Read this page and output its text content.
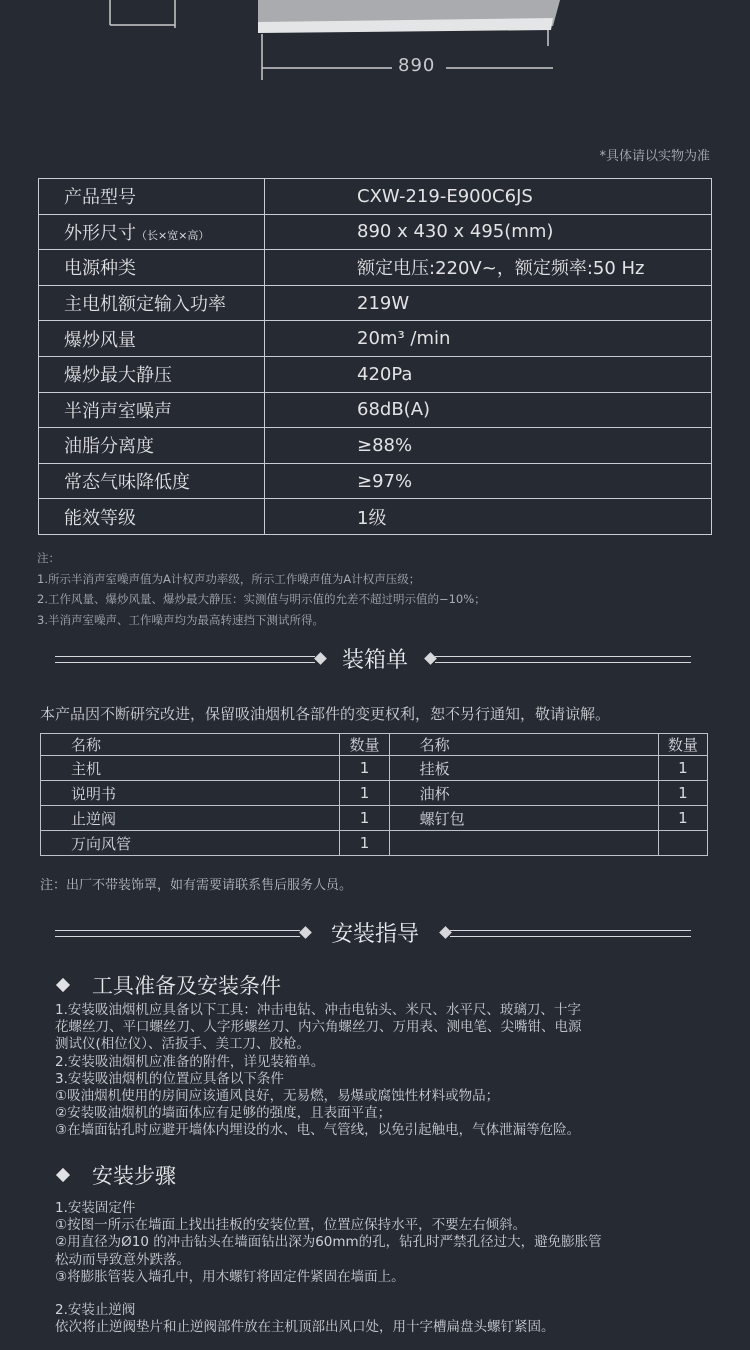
890
*具体请以实物为准
产品型号	CXW-219-E900C6JS
外形尺寸（长×宽×高）	890 x 430 x 495(mm)
电源种类	额定电压:220V~，额定频率:50 Hz
主电机额定输入功率	219W
爆炒风量	20m³ /min
爆炒最大静压	420Pa
半消声室噪声	68dB(A)
油脂分离度	≥88%
常态气味降低度	≥97%
能效等级	1级
注：
1.所示半消声室噪声值为A计权声功率级，所示工作噪声值为A计权声压级；
2.工作风量、爆炒风量、爆炒最大静压：实测值与明示值的允差不超过明示值的−10%；
3.半消声室噪声、工作噪声均为最高转速挡下测试所得。
装箱单
本产品因不断研究改进，保留吸油烟机各部件的变更权利，恕不另行通知，敬请谅解。
名称	数量	名称	数量
主机	1	挂板	1
说明书	1	油杯	1
止逆阀	1	螺钉包	1
万向风管	1		
注：出厂不带装饰罩，如有需要请联系售后服务人员。
安装指导
工具准备及安装条件
1.安装吸油烟机应具备以下工具：冲击电钻、冲击电钻头、米尺、水平尺、玻璃刀、十字
花螺丝刀、平口螺丝刀、人字形螺丝刀、内六角螺丝刀、万用表、测电笔、尖嘴钳、电源
测试仪(相位仪）、活扳手、美工刀、胶枪。
2.安装吸油烟机应准备的附件，详见装箱单。
3.安装吸油烟机的位置应具备以下条件
①吸油烟机使用的房间应该通风良好，无易燃，易爆或腐蚀性材料或物品；
②安装吸油烟机的墙面体应有足够的强度，且表面平直；
③在墙面钻孔时应避开墙体内埋设的水、电、气管线，以免引起触电，气体泄漏等危险。
安装步骤
1.安装固定件
①按图一所示在墙面上找出挂板的安装位置，位置应保持水平，不要左右倾斜。
②用直径为Ø10 的冲击钻头在墙面钻出深为60mm的孔，钻孔时严禁孔径过大，避免膨胀管
松动而导致意外跌落。
③将膨胀管装入墙孔中，用木螺钉将固定件紧固在墙面上。
2.安装止逆阀
依次将止逆阀垫片和止逆阀部件放在主机顶部出风口处，用十字槽扁盘头螺钉紧固。
